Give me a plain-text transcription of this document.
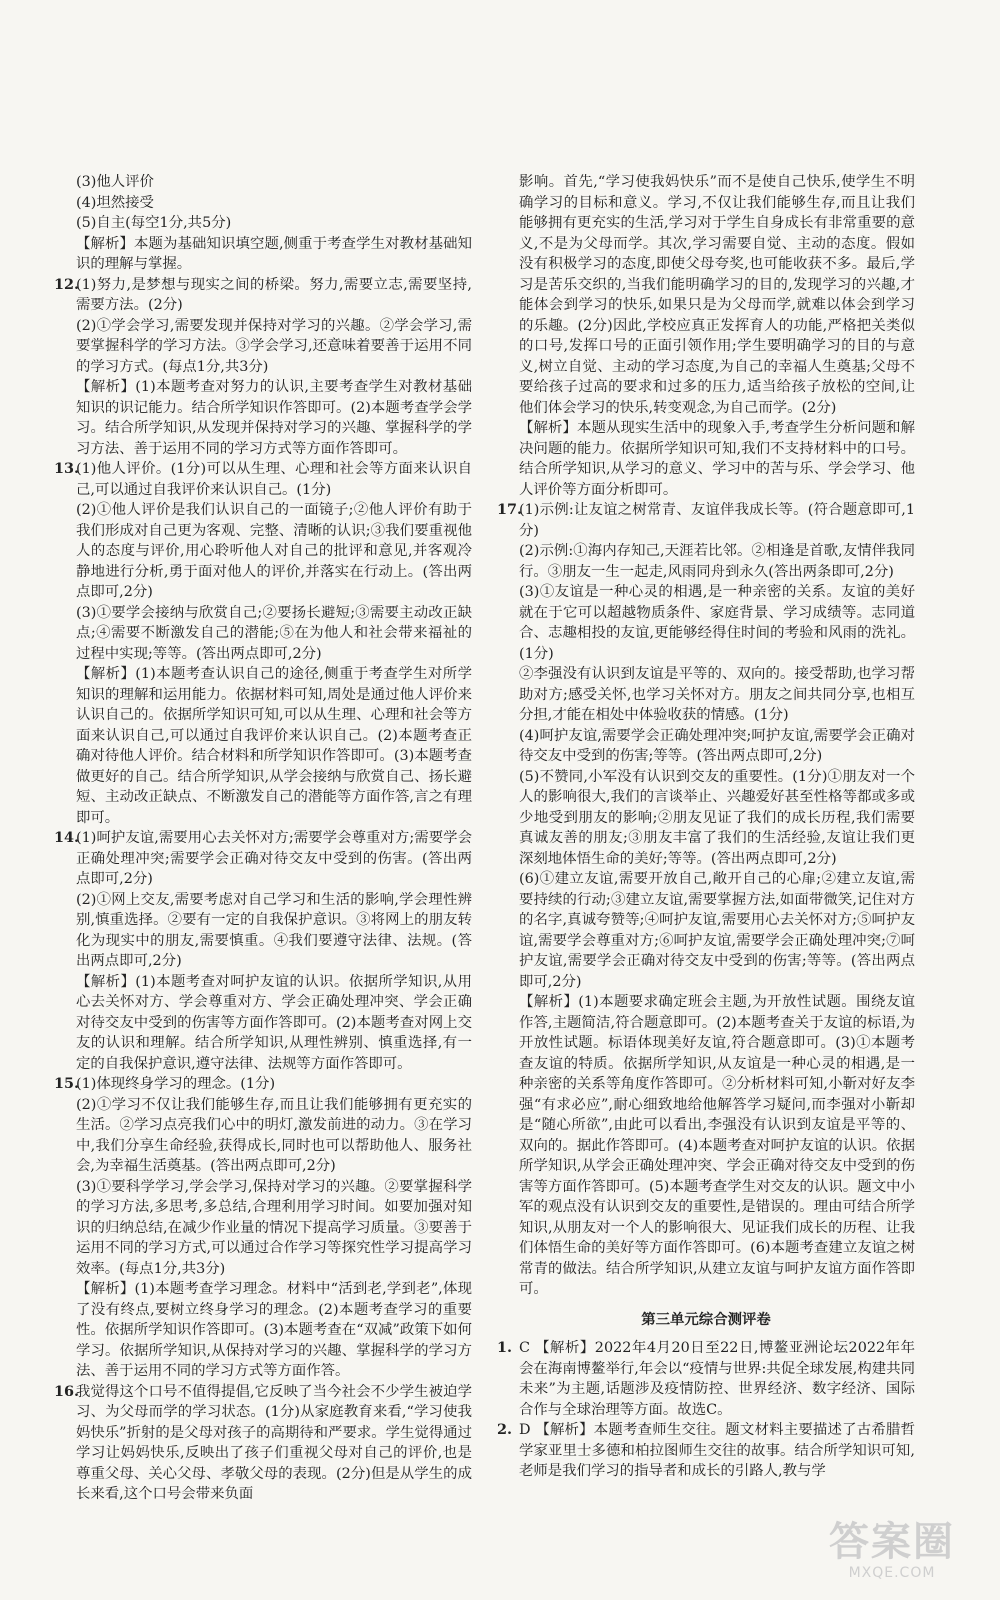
(3)他人评价
(4)坦然接受
(5)自主(每空1分,共5分)
【解析】本题为基础知识填空题,侧重于考查学生对教材基础知识的理解与掌握。
12.
(1)努力,是梦想与现实之间的桥梁。努力,需要立志,需要坚持,需要方法。(2分)
(2)①学会学习,需要发现并保持对学习的兴趣。②学会学习,需要掌握科学的学习方法。③学会学习,还意味着要善于运用不同的学习方式。(每点1分,共3分)
【解析】(1)本题考查对努力的认识,主要考查学生对教材基础知识的识记能力。结合所学知识作答即可。(2)本题考查学会学习。结合所学知识,从发现并保持对学习的兴趣、掌握科学的学习方法、善于运用不同的学习方式等方面作答即可。
13.
(1)他人评价。(1分)可以从生理、心理和社会等方面来认识自己,可以通过自我评价来认识自己。(1分)
(2)①他人评价是我们认识自己的一面镜子;②他人评价有助于我们形成对自己更为客观、完整、清晰的认识;③我们要重视他人的态度与评价,用心聆听他人对自己的批评和意见,并客观冷静地进行分析,勇于面对他人的评价,并落实在行动上。(答出两点即可,2分)
(3)①要学会接纳与欣赏自己;②要扬长避短;③需要主动改正缺点;④需要不断激发自己的潜能;⑤在为他人和社会带来福祉的过程中实现;等等。(答出两点即可,2分)
【解析】(1)本题考查认识自己的途径,侧重于考查学生对所学知识的理解和运用能力。依据材料可知,周处是通过他人评价来认识自己的。依据所学知识可知,可以从生理、心理和社会等方面来认识自己,可以通过自我评价来认识自己。(2)本题考查正确对待他人评价。结合材料和所学知识作答即可。(3)本题考查做更好的自己。结合所学知识,从学会接纳与欣赏自己、扬长避短、主动改正缺点、不断激发自己的潜能等方面作答,言之有理即可。
14.
(1)呵护友谊,需要用心去关怀对方;需要学会尊重对方;需要学会正确处理冲突;需要学会正确对待交友中受到的伤害。(答出两点即可,2分)
(2)①网上交友,需要考虑对自己学习和生活的影响,学会理性辨别,慎重选择。②要有一定的自我保护意识。③将网上的朋友转化为现实中的朋友,需要慎重。④我们要遵守法律、法规。(答出两点即可,2分)
【解析】(1)本题考查对呵护友谊的认识。依据所学知识,从用心去关怀对方、学会尊重对方、学会正确处理冲突、学会正确对待交友中受到的伤害等方面作答即可。(2)本题考查对网上交友的认识和理解。结合所学知识,从理性辨别、慎重选择,有一定的自我保护意识,遵守法律、法规等方面作答即可。
15.
(1)体现终身学习的理念。(1分)
(2)①学习不仅让我们能够生存,而且让我们能够拥有更充实的生活。②学习点亮我们心中的明灯,激发前进的动力。③在学习中,我们分享生命经验,获得成长,同时也可以帮助他人、服务社会,为幸福生活奠基。(答出两点即可,2分)
(3)①要科学学习,学会学习,保持对学习的兴趣。②要掌握科学的学习方法,多思考,多总结,合理利用学习时间。如要加强对知识的归纳总结,在减少作业量的情况下提高学习质量。③要善于运用不同的学习方式,可以通过合作学习等探究性学习提高学习效率。(每点1分,共3分)
【解析】(1)本题考查学习理念。材料中“活到老,学到老”,体现了没有终点,要树立终身学习的理念。(2)本题考查学习的重要性。依据所学知识作答即可。(3)本题考查在“双减”政策下如何学习。依据所学知识,从保持对学习的兴趣、掌握科学的学习方法、善于运用不同的学习方式等方面作答。
16.
我觉得这个口号不值得提倡,它反映了当今社会不少学生被迫学习、为父母而学的学习状态。(1分)从家庭教育来看,“学习使我妈快乐”折射的是父母对孩子的高期待和严要求。学生觉得通过学习让妈妈快乐,反映出了孩子们重视父母对自己的评价,也是尊重父母、关心父母、孝敬父母的表现。(2分)但是从学生的成长来看,这个口号会带来负面
影响。首先,“学习使我妈快乐”而不是使自己快乐,使学生不明确学习的目标和意义。学习,不仅让我们能够生存,而且让我们能够拥有更充实的生活,学习对于学生自身成长有非常重要的意义,不是为父母而学。其次,学习需要自觉、主动的态度。假如没有积极学习的态度,即使父母夸奖,也可能收获不多。最后,学习是苦乐交织的,当我们能明确学习的目的,发现学习的兴趣,才能体会到学习的快乐,如果只是为父母而学,就难以体会到学习的乐趣。(2分)因此,学校应真正发挥育人的功能,严格把关类似的口号,发挥口号的正面引领作用;学生要明确学习的目的与意义,树立自觉、主动的学习态度,为自己的幸福人生奠基;父母不要给孩子过高的要求和过多的压力,适当给孩子放松的空间,让他们体会学习的快乐,转变观念,为自己而学。(2分)
【解析】本题从现实生活中的现象入手,考查学生分析问题和解决问题的能力。依据所学知识可知,我们不支持材料中的口号。结合所学知识,从学习的意义、学习中的苦与乐、学会学习、他人评价等方面分析即可。
17.
(1)示例:让友谊之树常青、友谊伴我成长等。(符合题意即可,1分)
(2)示例:①海内存知己,天涯若比邻。②相逢是首歌,友情伴我同行。③朋友一生一起走,风雨同舟到永久(答出两条即可,2分)
(3)①友谊是一种心灵的相遇,是一种亲密的关系。友谊的美好就在于它可以超越物质条件、家庭背景、学习成绩等。志同道合、志趣相投的友谊,更能够经得住时间的考验和风雨的洗礼。(1分)
②李强没有认识到友谊是平等的、双向的。接受帮助,也学习帮助对方;感受关怀,也学习关怀对方。朋友之间共同分享,也相互分担,才能在相处中体验收获的情感。(1分)
(4)呵护友谊,需要学会正确处理冲突;呵护友谊,需要学会正确对待交友中受到的伤害;等等。(答出两点即可,2分)
(5)不赞同,小军没有认识到交友的重要性。(1分)①朋友对一个人的影响很大,我们的言谈举止、兴趣爱好甚至性格等都或多或少地受到朋友的影响;②朋友见证了我们的成长历程,我们需要真诚友善的朋友;③朋友丰富了我们的生活经验,友谊让我们更深刻地体悟生命的美好;等等。(答出两点即可,2分)
(6)①建立友谊,需要开放自己,敞开自己的心扉;②建立友谊,需要持续的行动;③建立友谊,需要掌握方法,如面带微笑,记住对方的名字,真诚夸赞等;④呵护友谊,需要用心去关怀对方;⑤呵护友谊,需要学会尊重对方;⑥呵护友谊,需要学会正确处理冲突;⑦呵护友谊,需要学会正确对待交友中受到的伤害;等等。(答出两点即可,2分)
【解析】(1)本题要求确定班会主题,为开放性试题。围绕友谊作答,主题简洁,符合题意即可。(2)本题考查关于友谊的标语,为开放性试题。标语体现美好友谊,符合题意即可。(3)①本题考查友谊的特质。依据所学知识,从友谊是一种心灵的相遇,是一种亲密的关系等角度作答即可。②分析材料可知,小靳对好友李强“有求必应”,耐心细致地给他解答学习疑问,而李强对小靳却是“随心所欲”,由此可以看出,李强没有认识到友谊是平等的、双向的。据此作答即可。(4)本题考查对呵护友谊的认识。依据所学知识,从学会正确处理冲突、学会正确对待交友中受到的伤害等方面作答即可。(5)本题考查学生对交友的认识。题文中小军的观点没有认识到交友的重要性,是错误的。理由可结合所学知识,从朋友对一个人的影响很大、见证我们成长的历程、让我们体悟生命的美好等方面作答即可。(6)本题考查建立友谊之树常青的做法。结合所学知识,从建立友谊与呵护友谊方面作答即可。
第三单元综合测评卷
1. C 【解析】2022年4月20日至22日,博鳌亚洲论坛2022年年会在海南博鳌举行,年会以“疫情与世界:共促全球发展,构建共同未来”为主题,话题涉及疫情防控、世界经济、数字经济、国际合作与全球治理等方面。故选C。
2. D 【解析】本题考查师生交往。题文材料主要描述了古希腊哲学家亚里士多德和柏拉图师生交往的故事。结合所学知识可知,老师是我们学习的指导者和成长的引路人,教与学
答案圈
MXQE.COM
